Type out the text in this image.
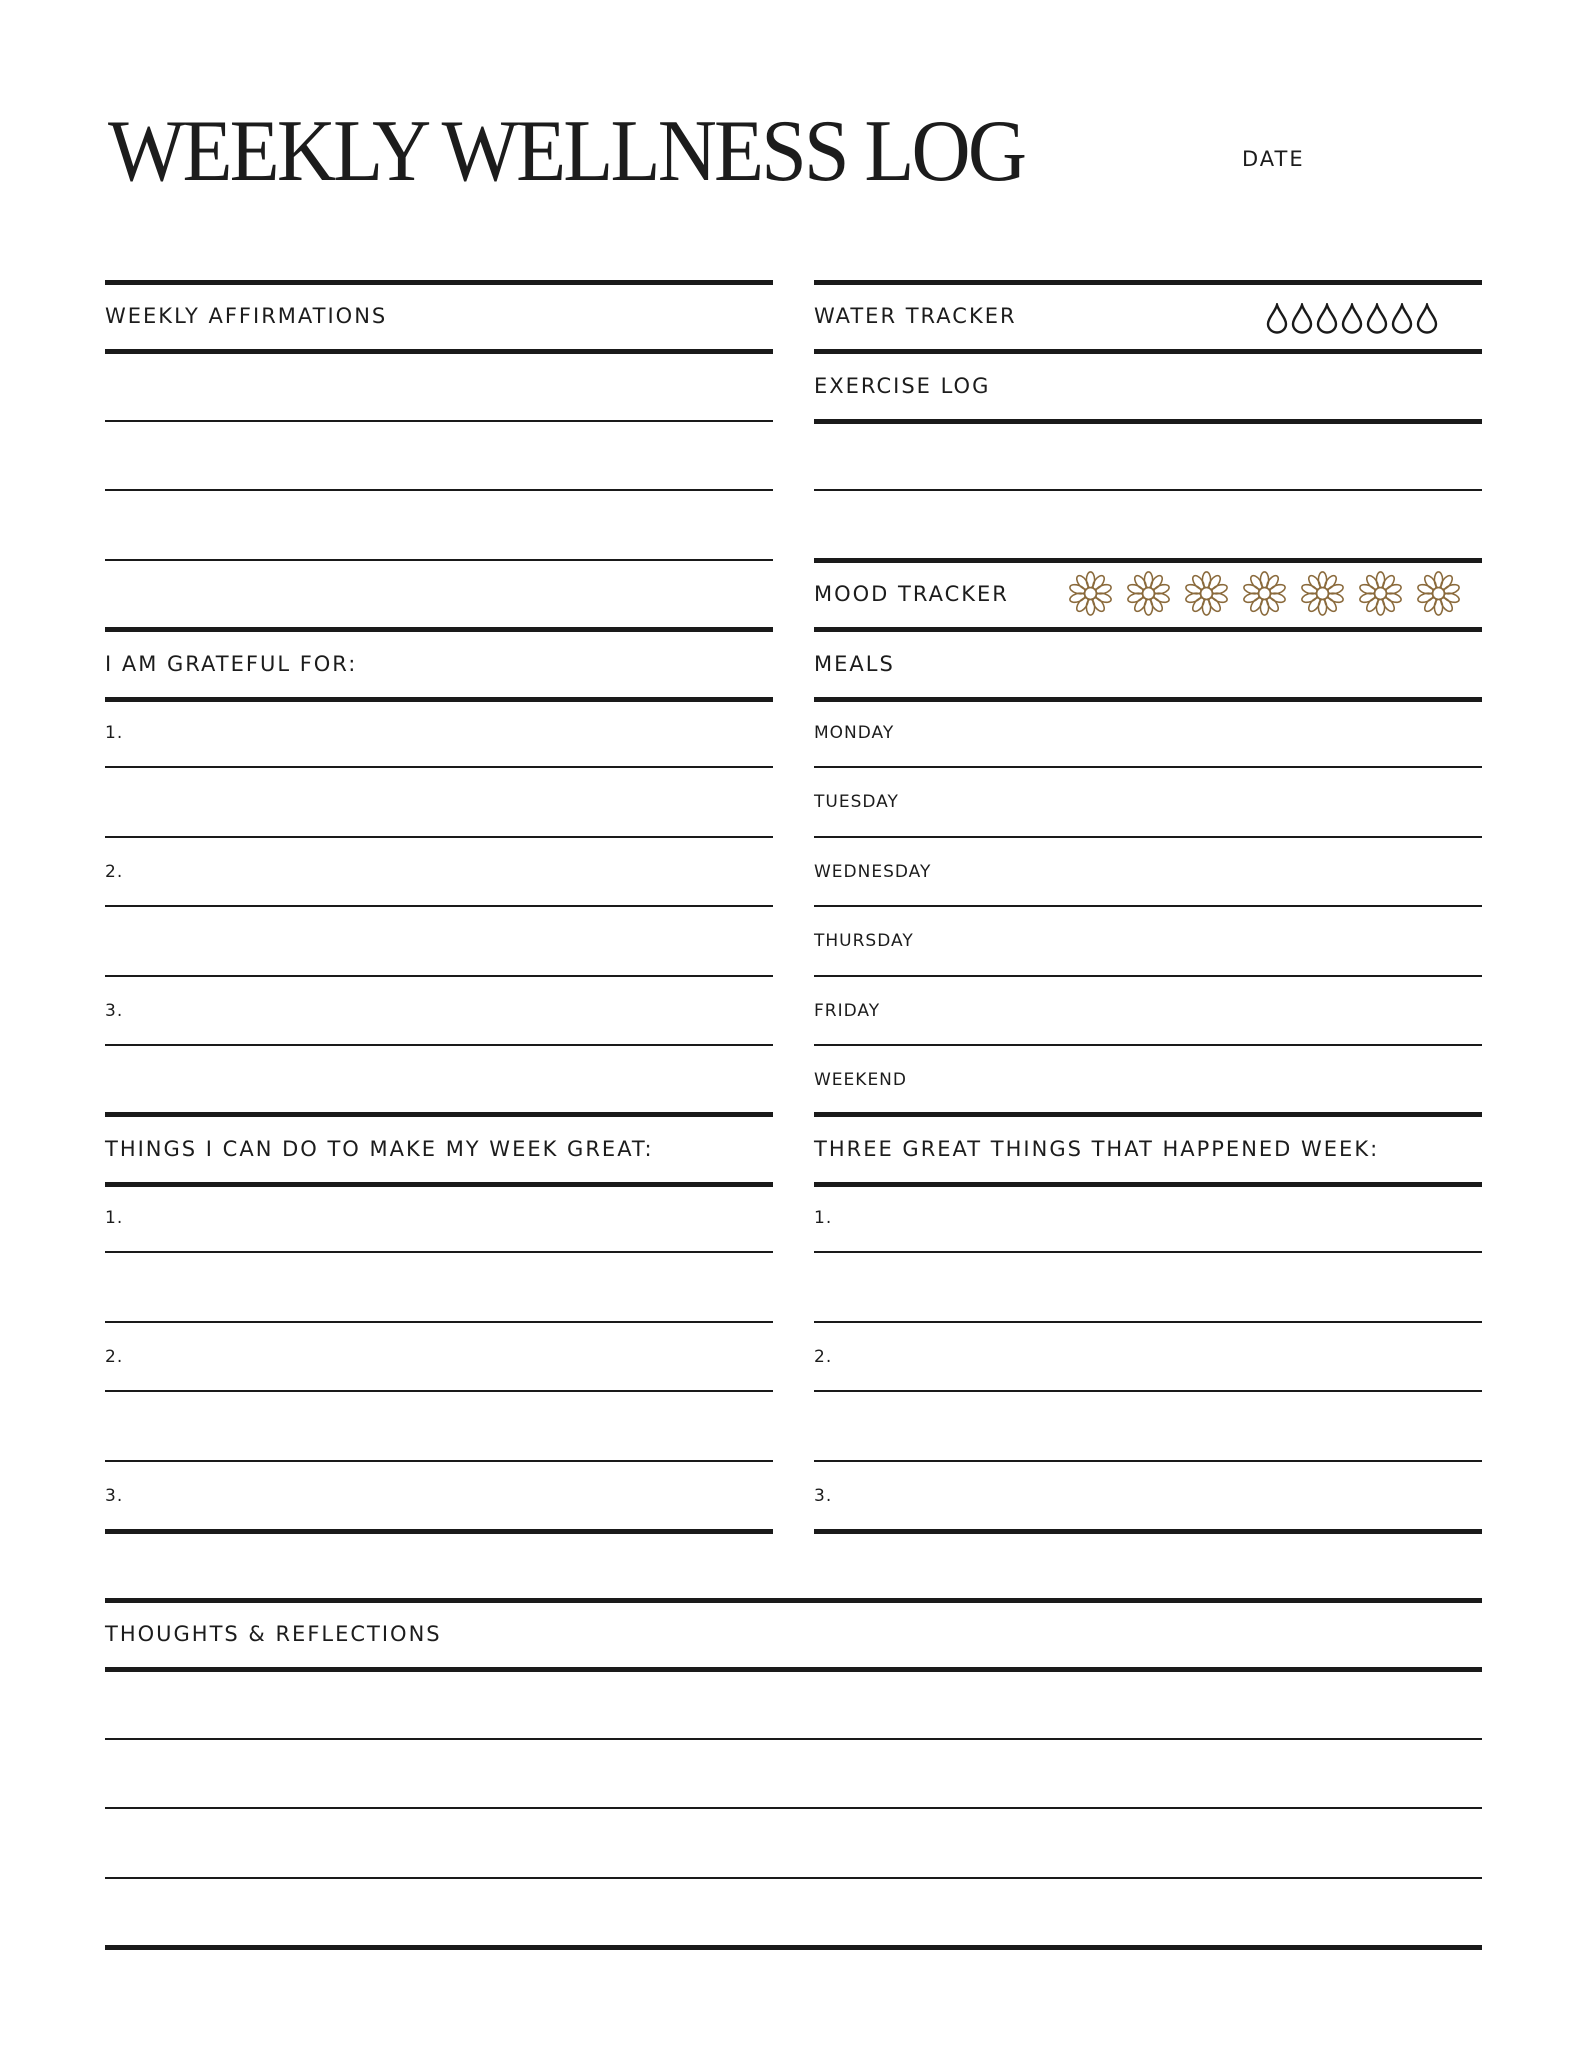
WEEKLY WELLNESS LOG	DATE
WEEKLY AFFIRMATIONS
I AM GRATEFUL FOR:
1.
2.
3.
THINGS I CAN DO TO MAKE MY WEEK GREAT:
1.
2.
3.
WATER TRACKER
EXERCISE LOG
MOOD TRACKER
MEALS
MONDAY
TUESDAY
WEDNESDAY
THURSDAY
FRIDAY
WEEKEND
THREE GREAT THINGS THAT HAPPENED WEEK:
1.
2.
3.
THOUGHTS & REFLECTIONS
